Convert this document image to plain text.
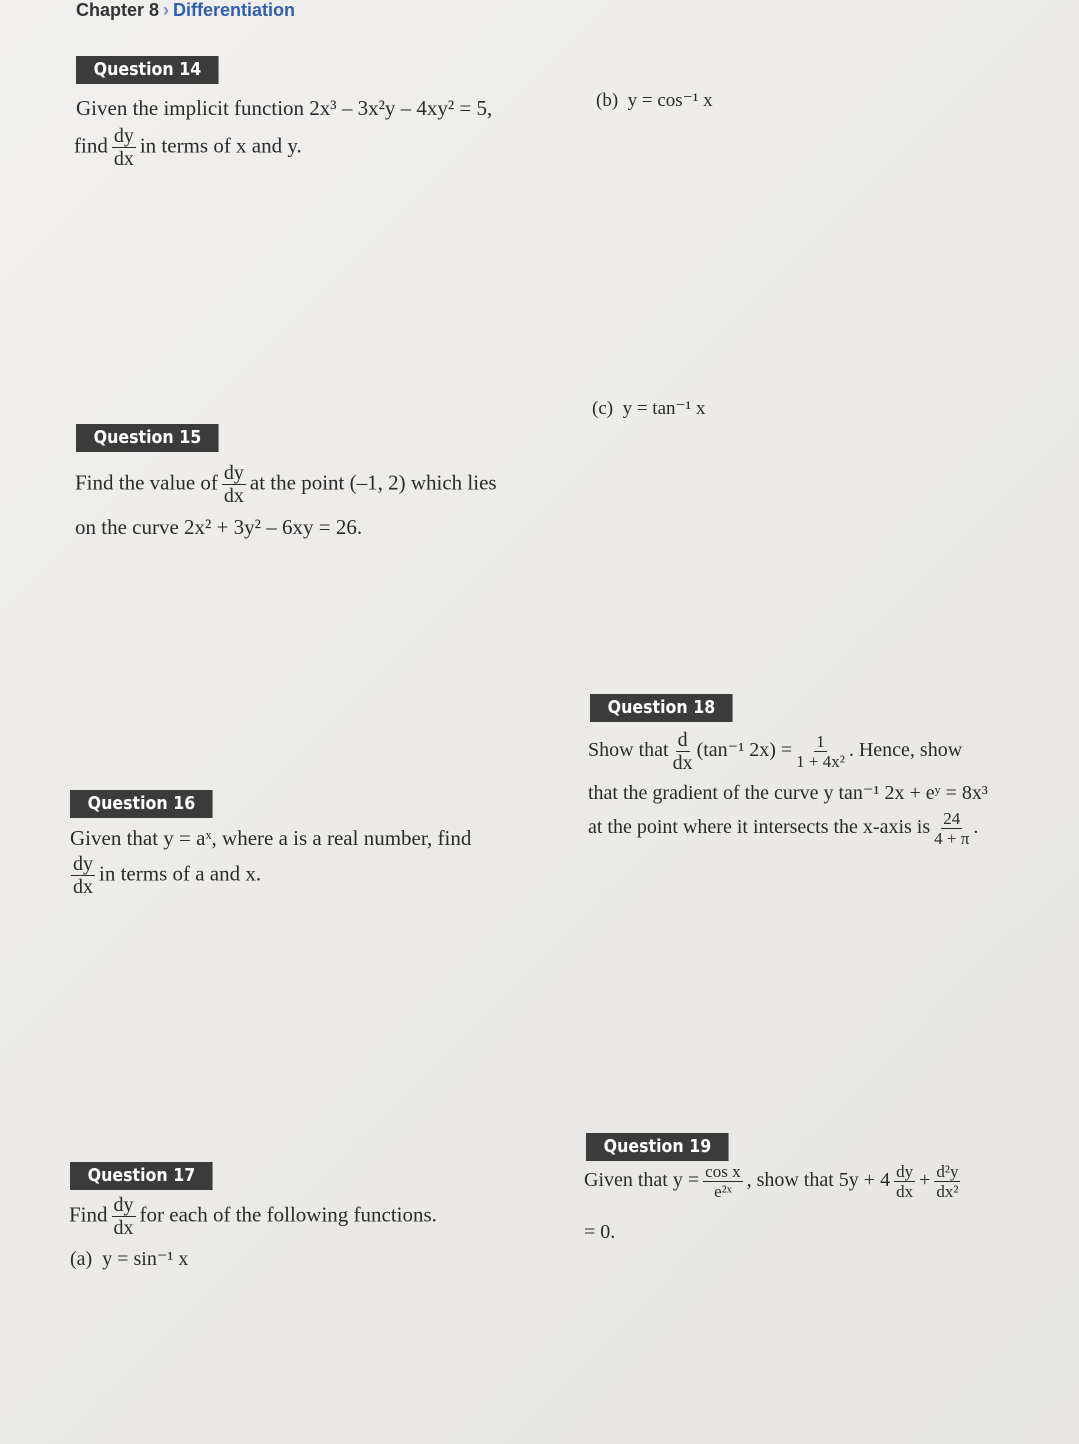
Chapter 8 › Differentiation
Question 14
Given the implicit function 2x³ – 3x²y – 4xy² = 5,
find $\frac{dy}{dx}$ in terms of x and y.
(b) y = cos⁻¹ x
(c) y = tan⁻¹ x
Question 15
Find the value of $\frac{dy}{dx}$ at the point (–1, 2) which lies
on the curve 2x² + 3y² – 6xy = 26.
Question 18
Show that $\frac{d}{dx} (\tan^{-1}$ $2x) = \frac{1}{\text{1 + 4x²}}$ . Hence, show
that the gradient of the curve y tan⁻¹ 2x + eʸ = 8x³
at the point where it intersects the x-axis is $\frac{24}{4 + \pi}$ .
Question 16
Given that y = aˣ, where a is a real number, find
$\frac{dy}{dx}$ in terms of a and x.
Question 19
Given that $y = \frac{\text{cos x}}{\text{e²ˣ}}$ , show that $5y + 4 \frac{dy}{dx} + \frac{\text{d²y}}{\text{dx²}}$
= 0.
Question 17
Find $\frac{dy}{dx}$ for each of the following functions.
(a) y = sin⁻¹ x
